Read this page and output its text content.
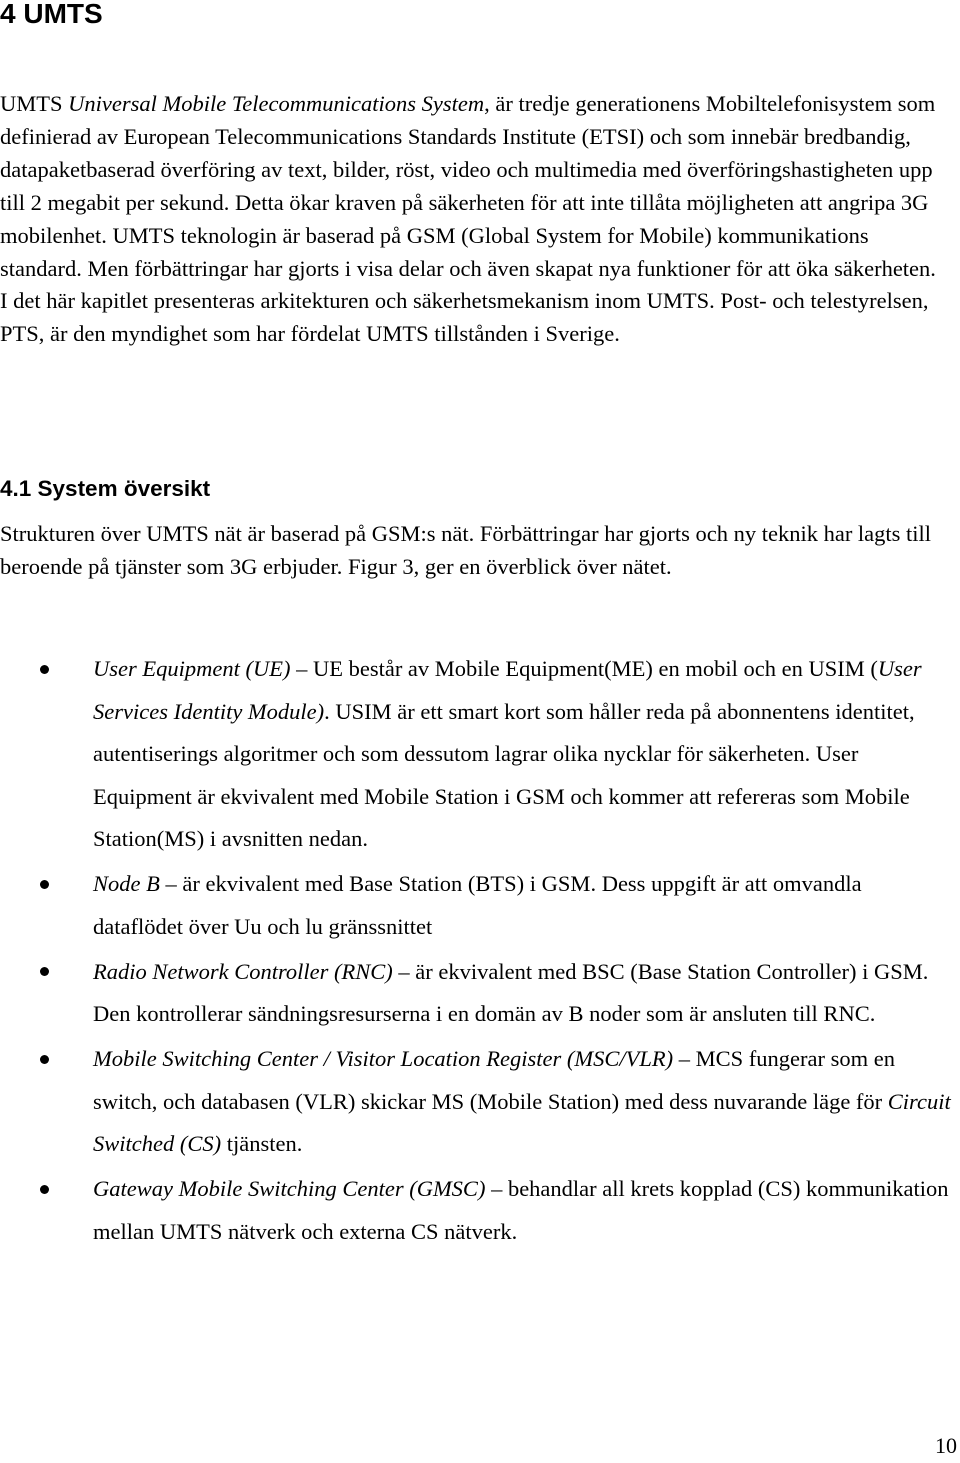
4 UMTS

UMTS Universal Mobile Telecommunications System, är tredje generationens Mobiltelefonisystem som definierad av European Telecommunications Standards Institute (ETSI) och som innebär bredbandig, datapaketbaserad överföring av text, bilder, röst, video och multimedia med överföringshastigheten upp till 2 megabit per sekund. Detta ökar kraven på säkerheten för att inte tillåta möjligheten att angripa 3G mobilenhet. UMTS teknologin är baserad på GSM (Global System for Mobile) kommunikations standard. Men förbättringar har gjorts i visa delar och även skapat nya funktioner för att öka säkerheten. I det här kapitlet presenteras arkitekturen och säkerhetsmekanism inom UMTS. Post- och telestyrelsen, PTS, är den myndighet som har fördelat UMTS tillstånden i Sverige.

4.1 System översikt

Strukturen över UMTS nät är baserad på GSM:s nät. Förbättringar har gjorts och ny teknik har lagts till beroende på tjänster som 3G erbjuder. Figur 3, ger en överblick över nätet.

User Equipment (UE) – UE består av Mobile Equipment(ME) en mobil och en USIM (User Services Identity Module). USIM är ett smart kort som håller reda på abonnentens identitet, autentiserings algoritmer och som dessutom lagrar olika nycklar för säkerheten. User Equipment är ekvivalent med Mobile Station i GSM och kommer att refereras som Mobile Station(MS) i avsnitten nedan.
Node B – är ekvivalent med Base Station (BTS) i GSM. Dess uppgift är att omvandla dataflödet över Uu och lu gränssnittet
Radio Network Controller (RNC) – är ekvivalent med BSC (Base Station Controller) i GSM. Den kontrollerar sändningsresurserna i en domän av B noder som är ansluten till RNC.
Mobile Switching Center / Visitor Location Register (MSC/VLR) – MCS fungerar som en switch, och databasen (VLR) skickar MS (Mobile Station) med dess nuvarande läge för Circuit Switched (CS) tjänsten.
Gateway Mobile Switching Center (GMSC) – behandlar all krets kopplad (CS) kommunikation mellan UMTS nätverk och externa CS nätverk.
10
